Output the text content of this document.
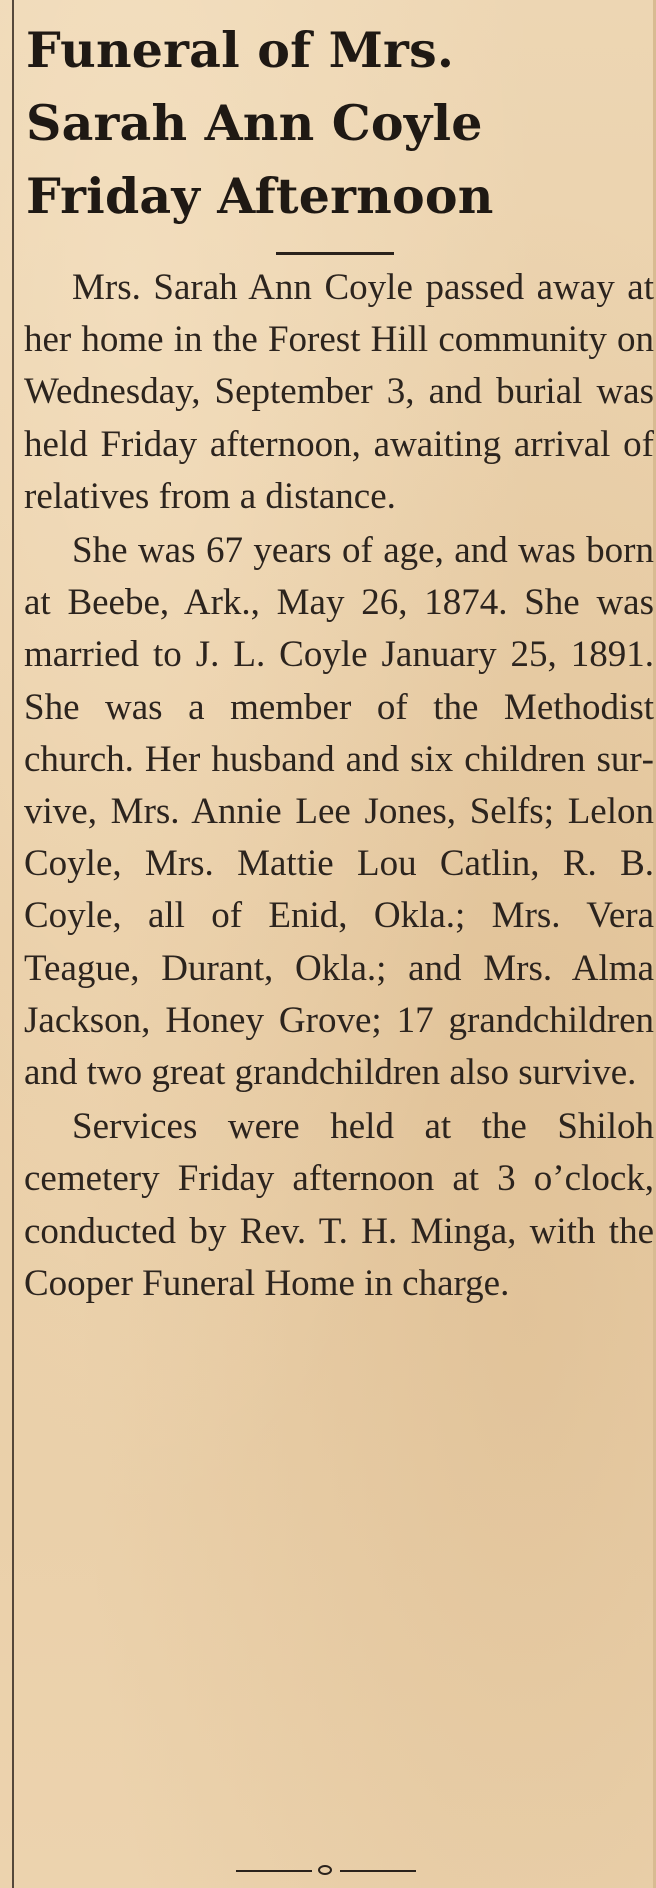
Funeral of Mrs.
Sarah Ann Coyle
Friday Afternoon

Mrs. Sarah Ann Coyle passed away at her home in the Forest Hill community on Wednesday, September 3, and burial was held Friday afternoon, awaiting arrival of relatives from a distance.

She was 67 years of age, and was born at Beebe, Ark., May 26, 1874. She was married to J. L. Coyle January 25, 1891. She was a member of the Methodist church. Her husband and six children survive, Mrs. Annie Lee Jones, Selfs; Lelon Coyle, Mrs. Mattie Lou Catlin, R. B. Coyle, all of Enid, Okla.; Mrs. Vera Teague, Durant, Okla.; and Mrs. Alma Jackson, Honey Grove; 17 grandchildren and two great grandchildren also survive.

Services were held at the Shiloh cemetery Friday afternoon at 3 o’clock, conducted by Rev. T. H. Minga, with the Cooper Funeral Home in charge.
